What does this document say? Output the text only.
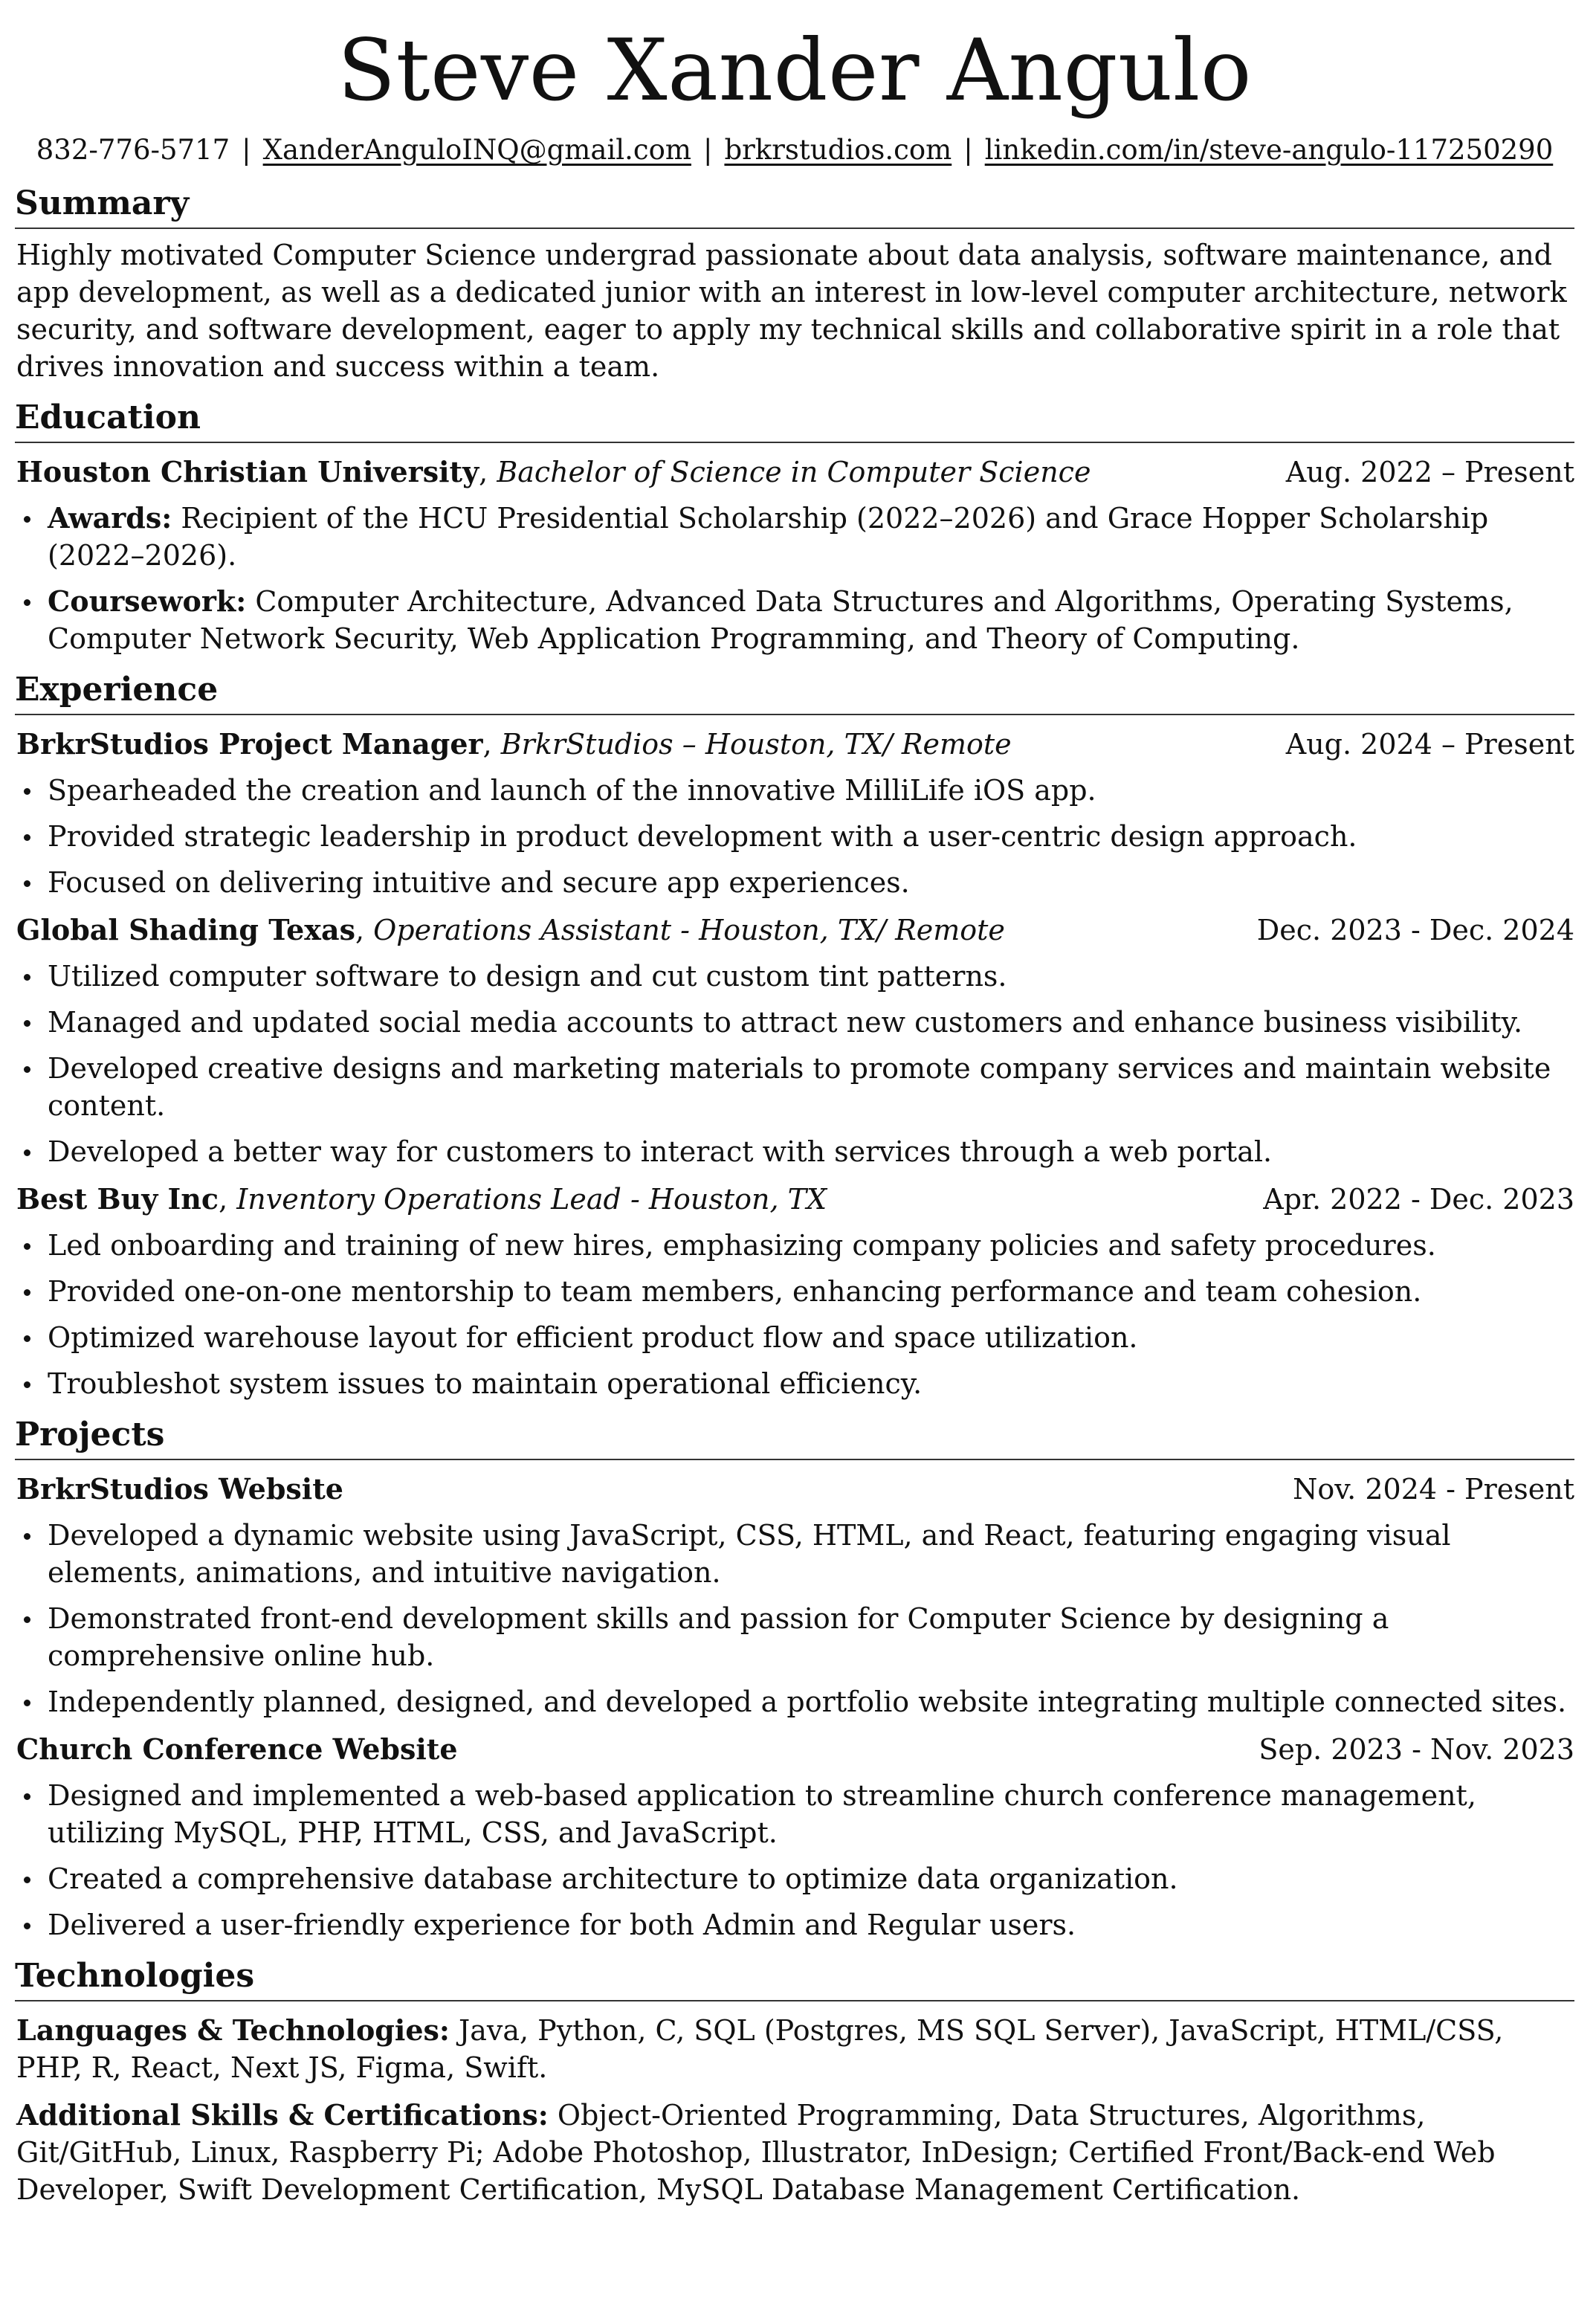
Steve Xander Angulo
832-776-5717 | XanderAnguloINQ@gmail.com | brkrstudios.com | linkedin.com/in/steve-angulo-117250290
Summary
Highly motivated Computer Science undergrad passionate about data analysis, software maintenance, and app development, as well as a dedicated junior with an interest in low-level computer architecture, network security, and software development, eager to apply my technical skills and collaborative spirit in a role that drives innovation and success within a team.
Education
Houston Christian University, Bachelor of Science in Computer Science	Aug. 2022 – Present
Awards: Recipient of the HCU Presidential Scholarship (2022–2026) and Grace Hopper Scholarship (2022–2026).
Coursework: Computer Architecture, Advanced Data Structures and Algorithms, Operating Systems, Computer Network Security, Web Application Programming, and Theory of Computing.
Experience
BrkrStudios Project Manager, BrkrStudios – Houston, TX/ Remote	Aug. 2024 – Present
Spearheaded the creation and launch of the innovative MilliLife iOS app.
Provided strategic leadership in product development with a user-centric design approach.
Focused on delivering intuitive and secure app experiences.
Global Shading Texas, Operations Assistant - Houston, TX/ Remote	Dec. 2023 - Dec. 2024
Utilized computer software to design and cut custom tint patterns.
Managed and updated social media accounts to attract new customers and enhance business visibility.
Developed creative designs and marketing materials to promote company services and maintain website content.
Developed a better way for customers to interact with services through a web portal.
Best Buy Inc, Inventory Operations Lead - Houston, TX	Apr. 2022 - Dec. 2023
Led onboarding and training of new hires, emphasizing company policies and safety procedures.
Provided one-on-one mentorship to team members, enhancing performance and team cohesion.
Optimized warehouse layout for efficient product flow and space utilization.
Troubleshot system issues to maintain operational efficiency.
Projects
BrkrStudios Website	Nov. 2024 - Present
Developed a dynamic website using JavaScript, CSS, HTML, and React, featuring engaging visual elements, animations, and intuitive navigation.
Demonstrated front-end development skills and passion for Computer Science by designing a comprehensive online hub.
Independently planned, designed, and developed a portfolio website integrating multiple connected sites.
Church Conference Website	Sep. 2023 - Nov. 2023
Designed and implemented a web-based application to streamline church conference management, utilizing MySQL, PHP, HTML, CSS, and JavaScript.
Created a comprehensive database architecture to optimize data organization.
Delivered a user-friendly experience for both Admin and Regular users.
Technologies
Languages & Technologies: Java, Python, C, SQL (Postgres, MS SQL Server), JavaScript, HTML/CSS, PHP, R, React, Next JS, Figma, Swift.
Additional Skills & Certifications: Object-Oriented Programming, Data Structures, Algorithms, Git/GitHub, Linux, Raspberry Pi; Adobe Photoshop, Illustrator, InDesign; Certified Front/Back-end Web Developer, Swift Development Certification, MySQL Database Management Certification.
